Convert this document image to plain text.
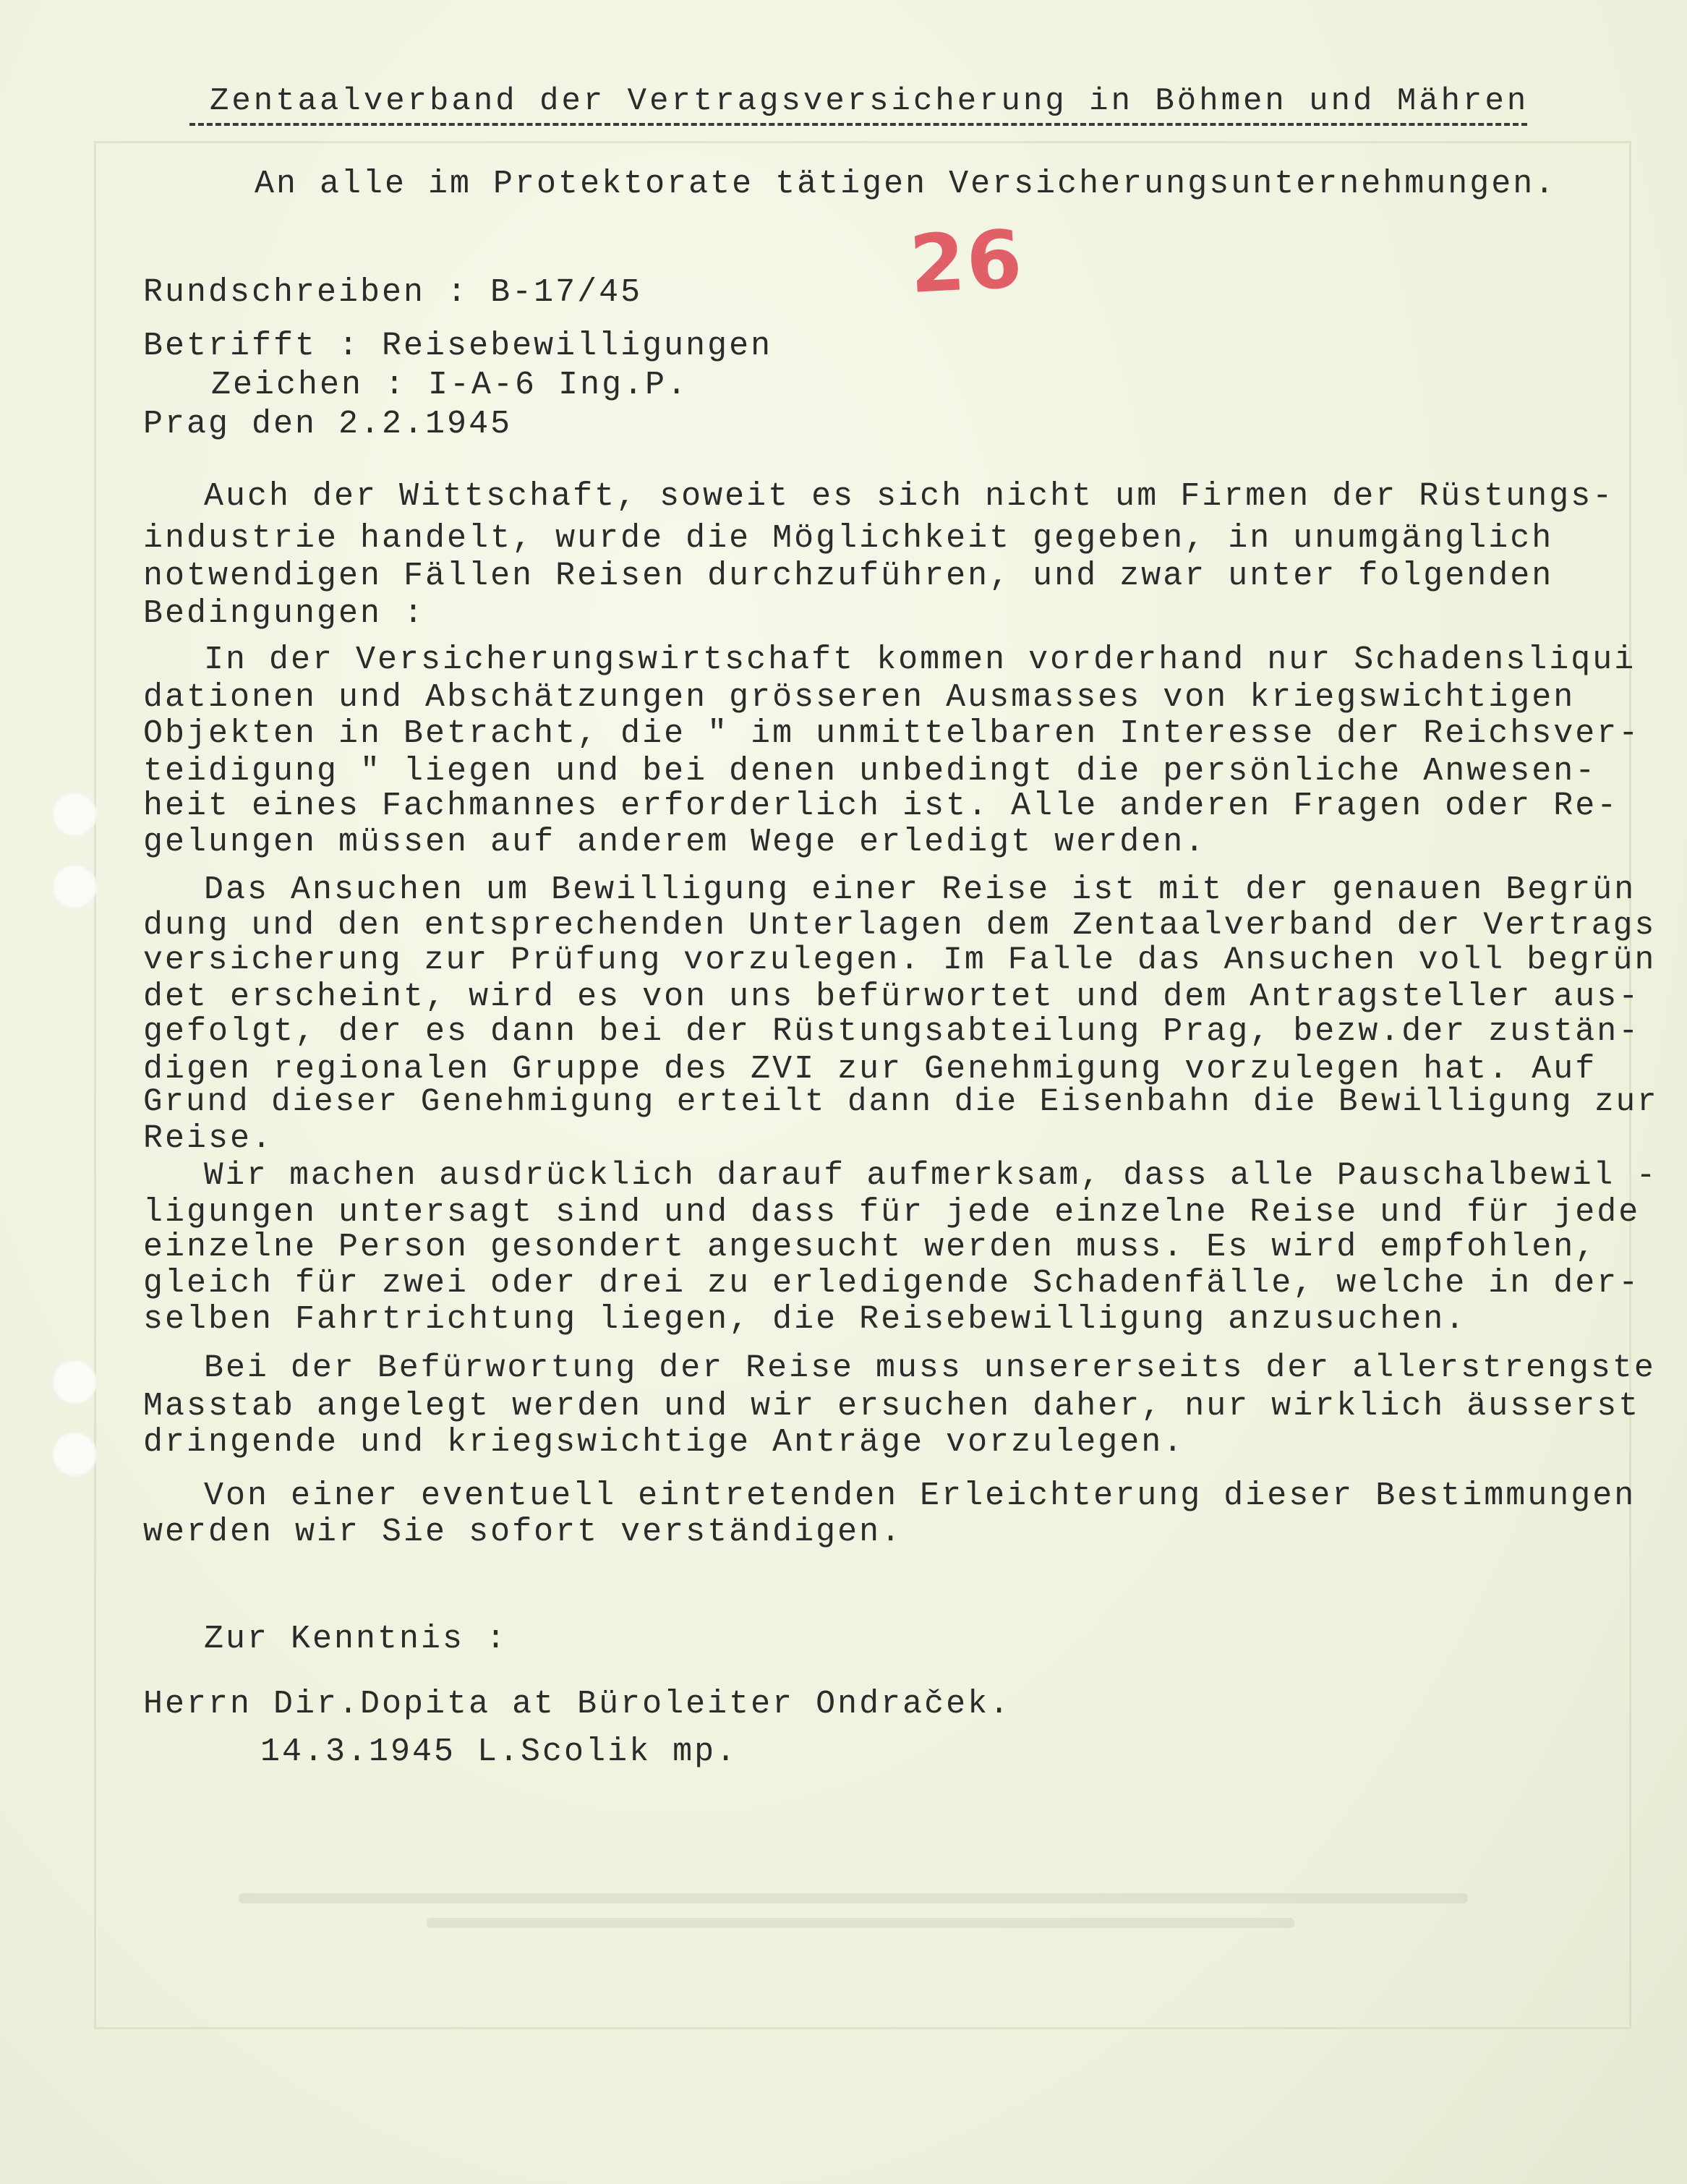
Zentaalverband der Vertragsversicherung in Böhmen und Mähren
An alle im Protektorate tätigen Versicherungsunternehmungen.
26
Rundschreiben : B-17/45
Betrifft : Reisebewilligungen
Zeichen : I-A-6 Ing.P.
Prag den 2.2.1945
Auch der Wittschaft, soweit es sich nicht um Firmen der Rüstungs-
industrie handelt, wurde die Möglichkeit gegeben, in unumgänglich
notwendigen Fällen Reisen durchzuführen, und zwar unter folgenden
Bedingungen :
In der Versicherungswirtschaft kommen vorderhand nur Schadensliqui
dationen und Abschätzungen grösseren Ausmasses von kriegswichtigen
Objekten in Betracht, die " im unmittelbaren Interesse der Reichsver-
teidigung " liegen und bei denen unbedingt die persönliche Anwesen-
heit eines Fachmannes erforderlich ist. Alle anderen Fragen oder Re-
gelungen müssen auf anderem Wege erledigt werden.
Das Ansuchen um Bewilligung einer Reise ist mit der genauen Begrün
dung und den entsprechenden Unterlagen dem Zentaalverband der Vertrags
versicherung zur Prüfung vorzulegen. Im Falle das Ansuchen voll begrün
det erscheint, wird es von uns befürwortet und dem Antragsteller aus-
gefolgt, der es dann bei der Rüstungsabteilung Prag, bezw.der zustän-
digen regionalen Gruppe des ZVI zur Genehmigung vorzulegen hat. Auf
Grund dieser Genehmigung erteilt dann die Eisenbahn die Bewilligung zur
Reise.
Wir machen ausdrücklich darauf aufmerksam, dass alle Pauschalbewil -
ligungen untersagt sind und dass für jede einzelne Reise und für jede
einzelne Person gesondert angesucht werden muss. Es wird empfohlen,
gleich für zwei oder drei zu erledigende Schadenfälle, welche in der-
selben Fahrtrichtung liegen, die Reisebewilligung anzusuchen.
Bei der Befürwortung der Reise muss unsererseits der allerstrengste
Masstab angelegt werden und wir ersuchen daher, nur wirklich äusserst
dringende und kriegswichtige Anträge vorzulegen.
Von einer eventuell eintretenden Erleichterung dieser Bestimmungen
werden wir Sie sofort verständigen.
Zur Kenntnis :
Herrn Dir.Dopita at Büroleiter Ondraček.
14.3.1945 L.Scolik mp.
